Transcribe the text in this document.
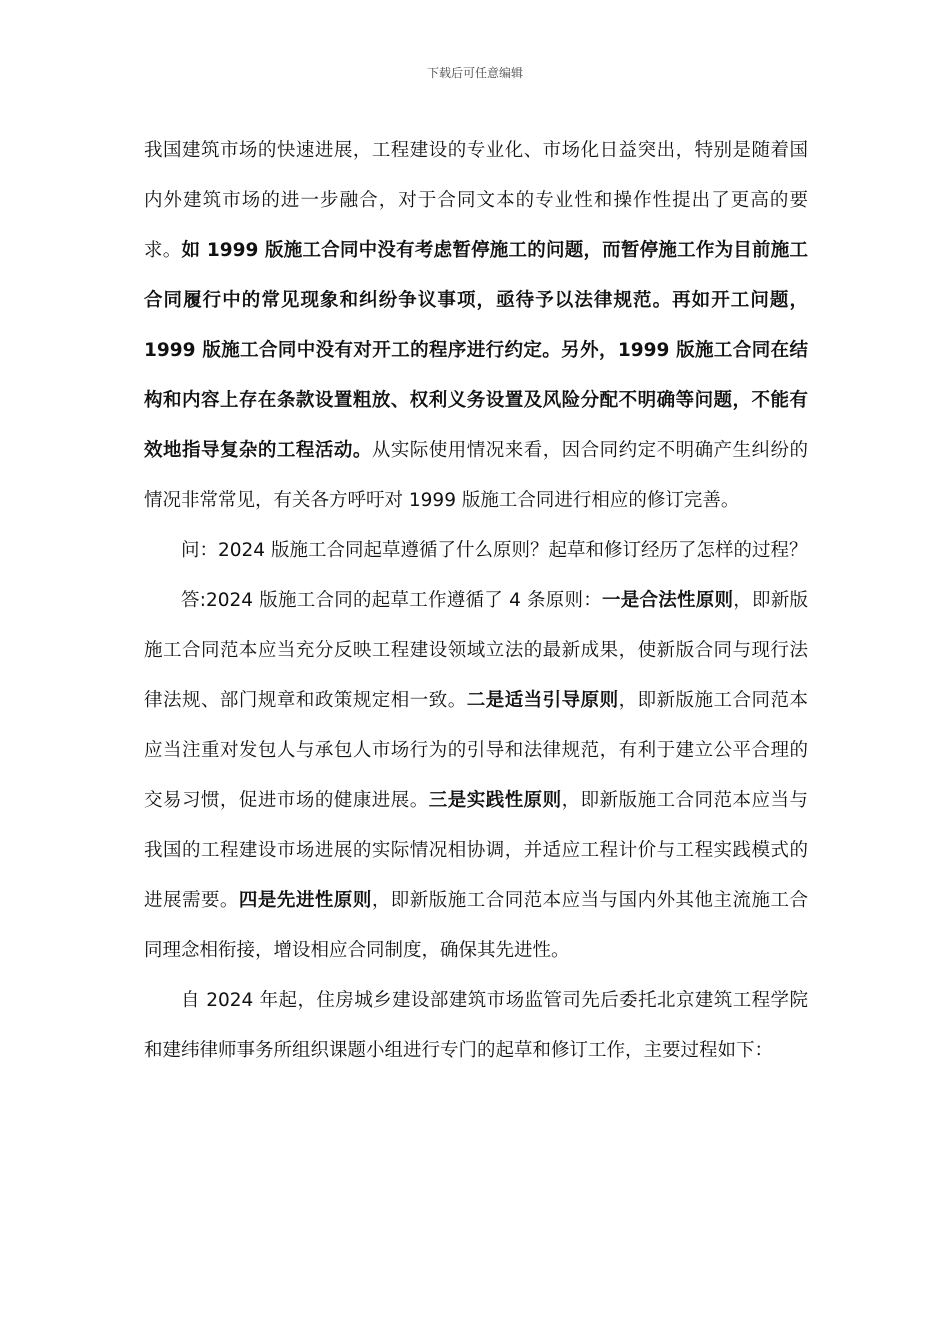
下载后可任意编辑

我国建筑市场的快速进展，工程建设的专业化、市场化日益突出，特别是随着国内外建筑市场的进一步融合，对于合同文本的专业性和操作性提出了更高的要求。如 1999 版施工合同中没有考虑暂停施工的问题，而暂停施工作为目前施工合同履行中的常见现象和纠纷争议事项，亟待予以法律规范。再如开工问题，1999 版施工合同中没有对开工的程序进行约定。另外，1999 版施工合同在结构和内容上存在条款设置粗放、权利义务设置及风险分配不明确等问题，不能有效地指导复杂的工程活动。从实际使用情况来看，因合同约定不明确产生纠纷的情况非常常见，有关各方呼吁对 1999 版施工合同进行相应的修订完善。

问：2024 版施工合同起草遵循了什么原则？起草和修订经历了怎样的过程？

答:2024 版施工合同的起草工作遵循了 4 条原则：一是合法性原则，即新版施工合同范本应当充分反映工程建设领域立法的最新成果，使新版合同与现行法律法规、部门规章和政策规定相一致。二是适当引导原则，即新版施工合同范本应当注重对发包人与承包人市场行为的引导和法律规范，有利于建立公平合理的交易习惯，促进市场的健康进展。三是实践性原则，即新版施工合同范本应当与我国的工程建设市场进展的实际情况相协调，并适应工程计价与工程实践模式的进展需要。四是先进性原则，即新版施工合同范本应当与国内外其他主流施工合同理念相衔接，增设相应合同制度，确保其先进性。

自 2024 年起，住房城乡建设部建筑市场监管司先后委托北京建筑工程学院和建纬律师事务所组织课题小组进行专门的起草和修订工作，主要过程如下：
